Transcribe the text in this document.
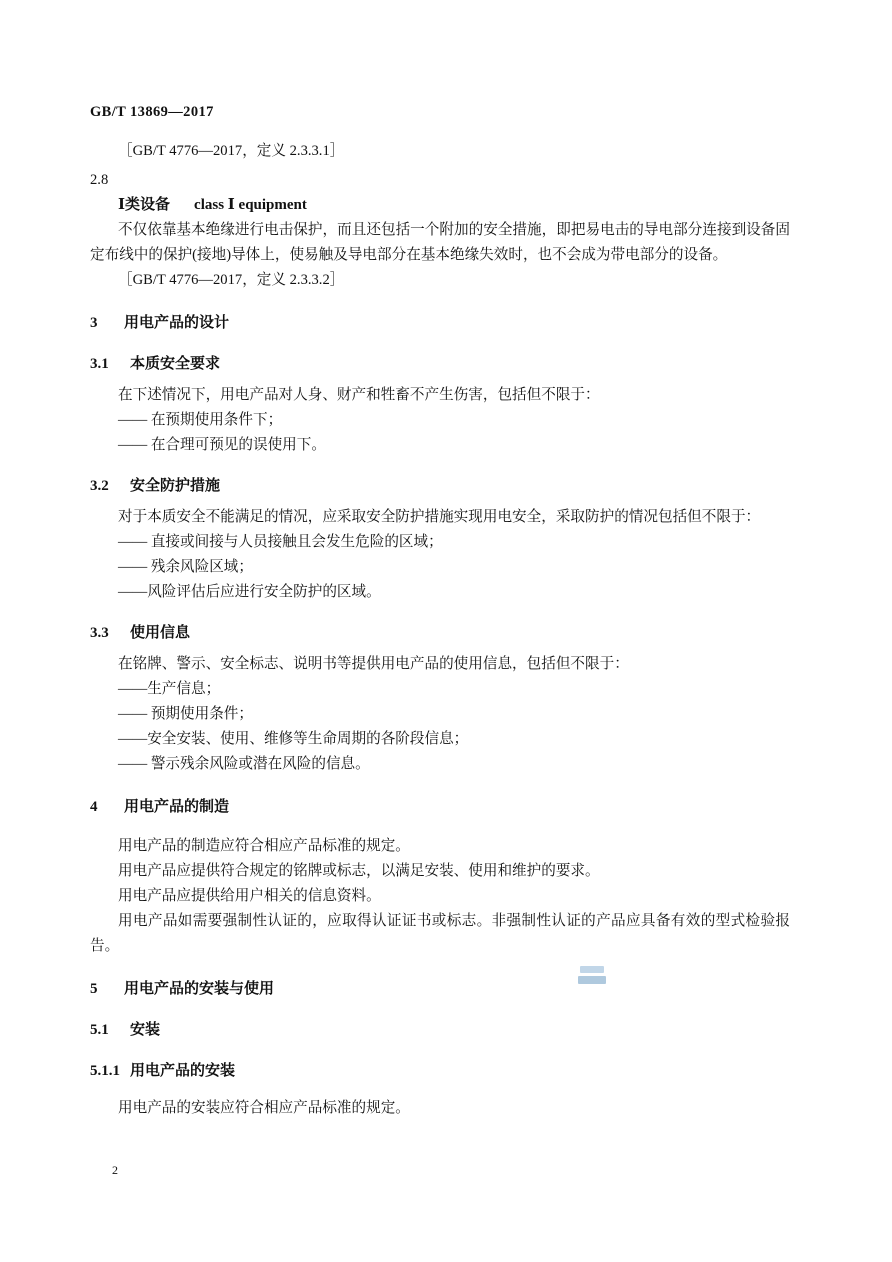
GB/T 13869—2017
［GB/T 4776—2017，定义 2.3.3.1］
2.8
Ⅰ类设备 class Ⅰ equipment
不仅依靠基本绝缘进行电击保护，而且还包括一个附加的安全措施，即把易电击的导电部分连接到设备固定布线中的保护(接地)导体上，使易触及导电部分在基本绝缘失效时，也不会成为带电部分的设备。
［GB/T 4776—2017，定义 2.3.3.2］
3 用电产品的设计
3.1 本质安全要求
在下述情况下，用电产品对人身、财产和牲畜不产生伤害，包括但不限于：
—— 在预期使用条件下；
—— 在合理可预见的误使用下。
3.2 安全防护措施
对于本质安全不能满足的情况，应采取安全防护措施实现用电安全，采取防护的情况包括但不限于：
—— 直接或间接与人员接触且会发生危险的区域；
—— 残余风险区域；
——风险评估后应进行安全防护的区域。
3.3 使用信息
在铭牌、警示、安全标志、说明书等提供用电产品的使用信息，包括但不限于：
——生产信息；
—— 预期使用条件；
——安全安装、使用、维修等生命周期的各阶段信息；
—— 警示残余风险或潜在风险的信息。
4 用电产品的制造
用电产品的制造应符合相应产品标准的规定。
用电产品应提供符合规定的铭牌或标志，以满足安装、使用和维护的要求。
用电产品应提供给用户相关的信息资料。
用电产品如需要强制性认证的，应取得认证证书或标志。非强制性认证的产品应具备有效的型式检验报告。
5 用电产品的安装与使用
5.1 安装
5.1.1 用电产品的安装
用电产品的安装应符合相应产品标准的规定。
2
